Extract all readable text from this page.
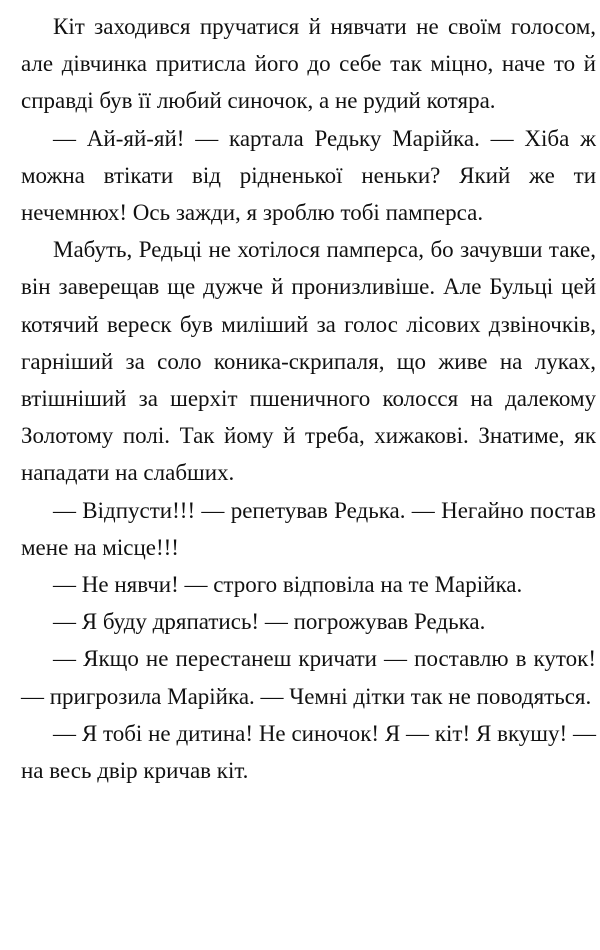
Кіт заходився пручатися й нявчати не своїм голосом, але дівчинка притисла його до себе так міцно, наче то й справді був її любий синочок, а не рудий котяра.

— Ай-яй-яй! — картала Редьку Марійка. — Хіба ж можна втікати від рідненької неньки? Який же ти нечемнюх! Ось зажди, я зроблю тобі памперса.

Мабуть, Редьці не хотілося памперса, бо зачувши таке, він заверещав ще дужче й пронизливіше. Але Бульці цей котячий вереск був миліший за голос лісових дзвіночків, гарніший за соло коника-скрипаля, що живе на луках, втішніший за шерхіт пшеничного колосся на далекому Золотому полі. Так йому й треба, хижакові. Знатиме, як нападати на слабших.

— Відпусти!!! — репетував Редька. — Негайно постав мене на місце!!!

— Не нявчи! — строго відповіла на те Марійка.

— Я буду дряпатись! — погрожував Редька.

— Якщо не перестанеш кричати — поставлю в куток! — пригрозила Марійка. — Чемні дітки так не поводяться.

— Я тобі не дитина! Не синочок! Я — кіт! Я вкушу! — на весь двір кричав кіт.
